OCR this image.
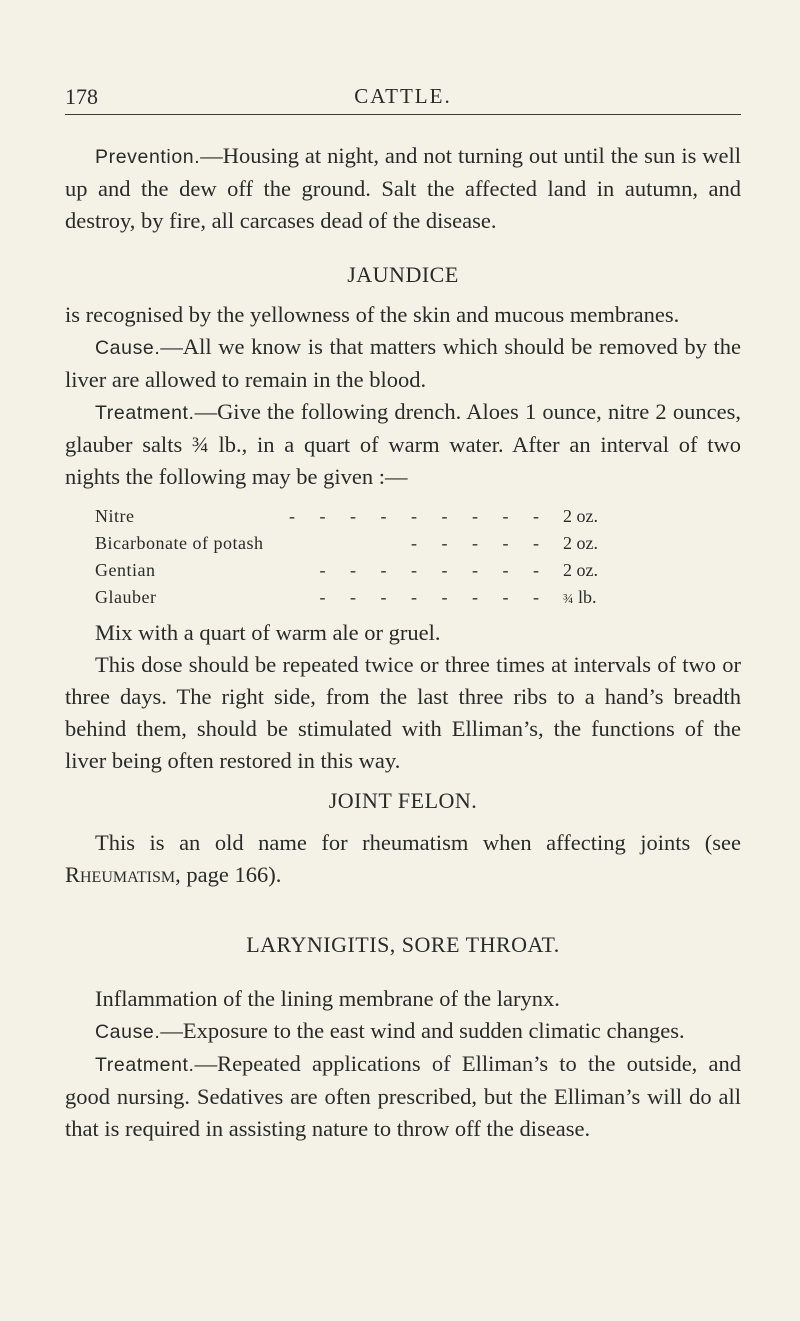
178	CATTLE.

Prevention.—Housing at night, and not turning out until the sun is well up and the dew off the ground. Salt the affected land in autumn, and destroy, by fire, all carcases dead of the disease.

JAUNDICE

is recognised by the yellowness of the skin and mucous membranes.

Cause.—All we know is that matters which should be removed by the liver are allowed to remain in the blood.

Treatment.—Give the following drench. Aloes 1 ounce, nitre 2 ounces, glauber salts ¾ lb., in a quart of warm water. After an interval of two nights the following may be given :—

Nitre	- - - - - - - - - 2 oz.
Bicarbonate of potash	- - - - - 2 oz.
Gentian	- - - - - - - - 2 oz.
Glauber	- - - - - - - -	¾ lb.

Mix with a quart of warm ale or gruel.

This dose should be repeated twice or three times at intervals of two or three days. The right side, from the last three ribs to a hand’s breadth behind them, should be stimulated with Elliman’s, the functions of the liver being often restored in this way.

JOINT FELON.

This is an old name for rheumatism when affecting joints (see Rheumatism, page 166).

LARYNIGITIS, SORE THROAT.

Inflammation of the lining membrane of the larynx.

Cause.—Exposure to the east wind and sudden climatic changes.

Treatment.—Repeated applications of Elliman’s to the outside, and good nursing. Sedatives are often prescribed, but the Elliman’s will do all that is required in assisting nature to throw off the disease.
